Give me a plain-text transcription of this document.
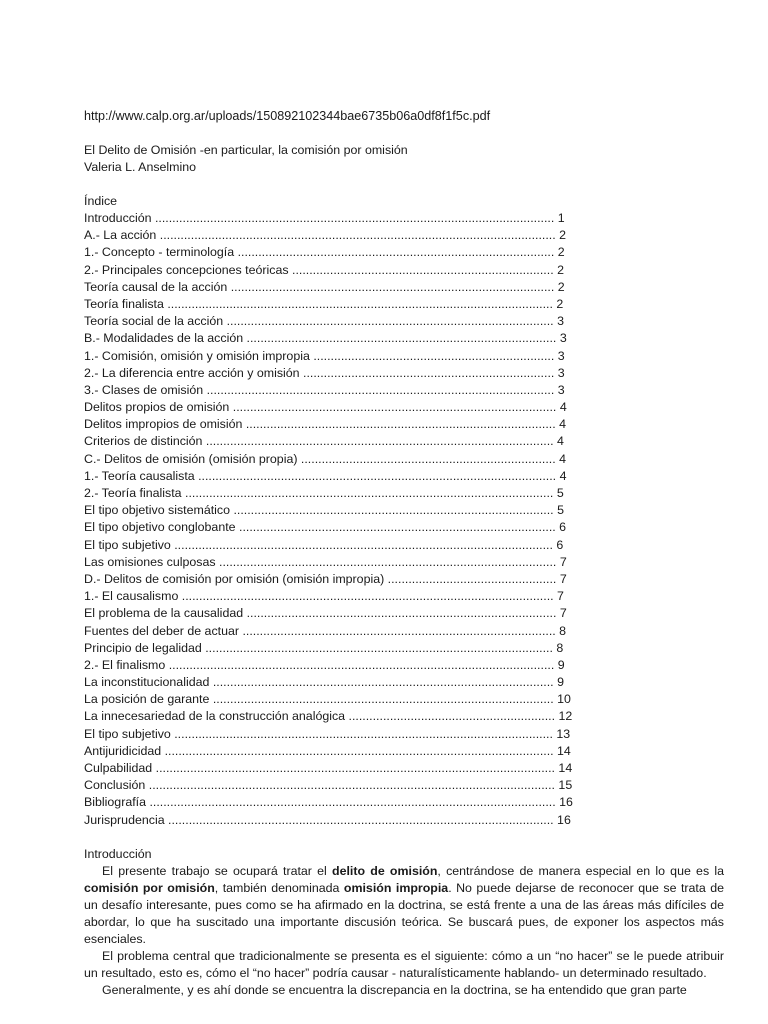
http://www.calp.org.ar/uploads/150892102344bae6735b06a0df8f1f5c.pdf

El Delito de Omisión -en particular, la comisión por omisión
Valeria L. Anselmino
Índice
Introducción .................................................................................................................... 1
A.- La acción ................................................................................................................... 2
1.- Concepto - terminología ............................................................................................ 2
2.- Principales concepciones teóricas ............................................................................ 2
Teoría causal de la acción .............................................................................................. 2
Teoría finalista ................................................................................................................ 2
Teoría social de la acción ............................................................................................... 3
B.- Modalidades de la acción .......................................................................................... 3
1.- Comisión, omisión y omisión impropia ...................................................................... 3
2.- La diferencia entre acción y omisión ......................................................................... 3
3.- Clases de omisión ..................................................................................................... 3
Delitos propios de omisión .............................................................................................. 4
Delitos impropios de omisión .......................................................................................... 4
Criterios de distinción ..................................................................................................... 4
C.- Delitos de omisión (omisión propia) .......................................................................... 4
1.- Teoría causalista ........................................................................................................ 4
2.- Teoría finalista ........................................................................................................... 5
El tipo objetivo sistemático ............................................................................................. 5
El tipo objetivo conglobante ............................................................................................ 6
El tipo subjetivo .............................................................................................................. 6
Las omisiones culposas .................................................................................................. 7
D.- Delitos de comisión por omisión (omisión impropia) ................................................. 7
1.- El causalismo ............................................................................................................ 7
El problema de la causalidad .......................................................................................... 7
Fuentes del deber de actuar ........................................................................................... 8
Principio de legalidad ..................................................................................................... 8
2.- El finalismo ................................................................................................................ 9
La inconstitucionalidad ................................................................................................... 9
La posición de garante ................................................................................................... 10
La innecesariedad de la construcción analógica ............................................................ 12
El tipo subjetivo .............................................................................................................. 13
Antijuridicidad ................................................................................................................. 14
Culpabilidad .................................................................................................................... 14
Conclusión ...................................................................................................................... 15
Bibliografía ...................................................................................................................... 16
Jurisprudencia ................................................................................................................ 16
Introducción

El presente trabajo se ocupará tratar el delito de omisión, centrándose de manera especial en lo que es la comisión por omisión, también denominada omisión impropia. No puede dejarse de reconocer que se trata de un desafío interesante, pues como se ha afirmado en la doctrina, se está frente a una de las áreas más difíciles de abordar, lo que ha suscitado una importante discusión teórica. Se buscará pues, de exponer los aspectos más esenciales.

El problema central que tradicionalmente se presenta es el siguiente: cómo a un “no hacer” se le puede atribuir un resultado, esto es, cómo el “no hacer” podría causar - naturalísticamente hablando- un determinado resultado.

Generalmente, y es ahí donde se encuentra la discrepancia en la doctrina, se ha entendido que gran parte
